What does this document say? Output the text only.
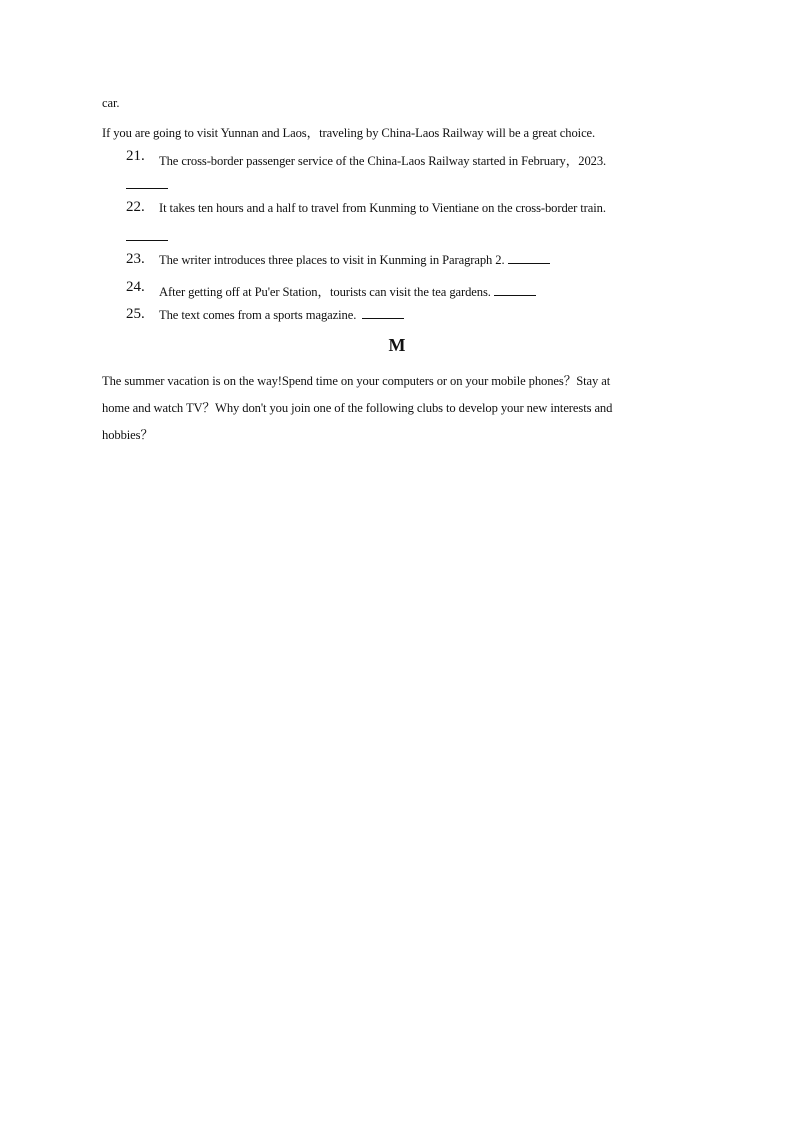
car.
If you are going to visit Yunnan and Laos，traveling by China-Laos Railway will be a great choice.
21. The cross-border passenger service of the China-Laos Railway started in February，2023.
22. It takes ten hours and a half to travel from Kunming to Vientiane on the cross-border train.
23. The writer introduces three places to visit in Kunming in Paragraph 2.
24. After getting off at Pu'er Station，tourists can visit the tea gardens.
25. The text comes from a sports magazine.
M
The summer vacation is on the way!Spend time on your computers or on your mobile phones？Stay at
home and watch TV？Why don't you join one of the following clubs to develop your new interests and
hobbies？
